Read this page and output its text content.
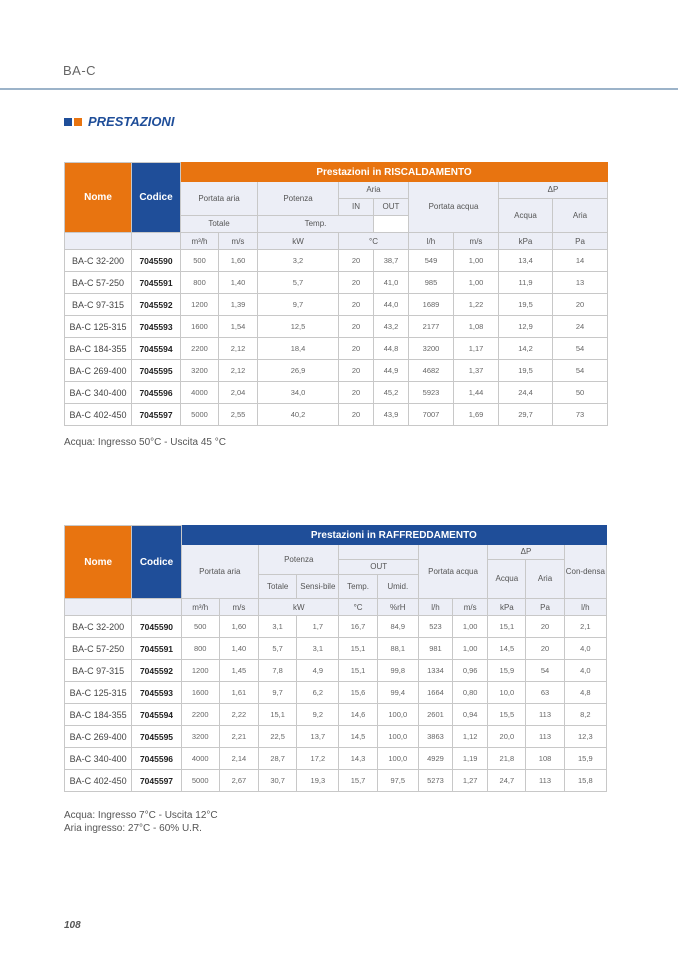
BA-C
PRESTAZIONI
Nome	Codice	Prestazioni in RISCALDAMENTO								
		Portata aria		Potenza	Aria		Portata acqua		ΔP	
					IN	OUT			Acqua	Aria
		Totale		Temp.						
		m³/h	m/s	kW	°C		l/h	m/s	kPa	Pa
BA-C 32-200	7045590	500	1,60	3,2	20	38,7	549	1,00	13,4	14
BA-C 57-250	7045591	800	1,40	5,7	20	41,0	985	1,00	11,9	13
BA-C 97-315	7045592	1200	1,39	9,7	20	44,0	1689	1,22	19,5	20
BA-C 125-315	7045593	1600	1,54	12,5	20	43,2	2177	1,08	12,9	24
BA-C 184-355	7045594	2200	2,12	18,4	20	44,8	3200	1,17	14,2	54
BA-C 269-400	7045595	3200	2,12	26,9	20	44,9	4682	1,37	19,5	54
BA-C 340-400	7045596	4000	2,04	34,0	20	45,2	5923	1,44	24,4	50
BA-C 402-450	7045597	5000	2,55	40,2	20	43,9	7007	1,69	29,7	73
Acqua: Ingresso 50°C - Uscita 45 °C
Nome	Codice	Prestazioni in RAFFREDDAMENTO										
		Portata aria		Potenza				Portata acqua		ΔP		Con-densa
						OUT				Acqua	Aria	
				Totale	Sensi-bile	Temp.	Umid.					
		m³/h	m/s	kW		°C	%rH	l/h	m/s	kPa	Pa	l/h
BA-C 32-200	7045590	500	1,60	3,1	1,7	16,7	84,9	523	1,00	15,1	20	2,1
BA-C 57-250	7045591	800	1,40	5,7	3,1	15,1	88,1	981	1,00	14,5	20	4,0
BA-C 97-315	7045592	1200	1,45	7,8	4,9	15,1	99,8	1334	0,96	15,9	54	4,0
BA-C 125-315	7045593	1600	1,61	9,7	6,2	15,6	99,4	1664	0,80	10,0	63	4,8
BA-C 184-355	7045594	2200	2,22	15,1	9,2	14,6	100,0	2601	0,94	15,5	113	8,2
BA-C 269-400	7045595	3200	2,21	22,5	13,7	14,5	100,0	3863	1,12	20,0	113	12,3
BA-C 340-400	7045596	4000	2,14	28,7	17,2	14,3	100,0	4929	1,19	21,8	108	15,9
BA-C 402-450	7045597	5000	2,67	30,7	19,3	15,7	97,5	5273	1,27	24,7	113	15,8
Acqua: Ingresso 7°C - Uscita 12°C
Aria ingresso: 27°C - 60% U.R.
108
